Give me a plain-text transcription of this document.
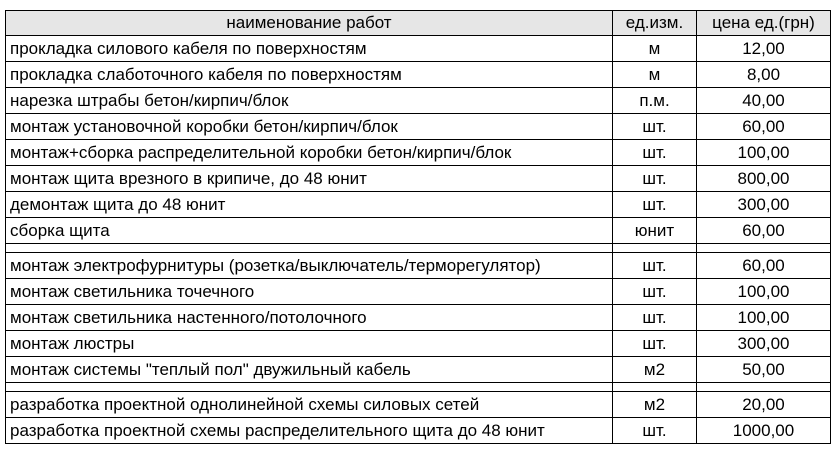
наименование работ	ед.изм.	цена ед.(грн)
прокладка силового кабеля по поверхностям	м	12,00
прокладка слаботочного кабеля по поверхностям	м	8,00
нарезка штрабы бетон/кирпич/блок	п.м.	40,00
монтаж установочной коробки бетон/кирпич/блок	шт.	60,00
монтаж+сборка распределительной коробки бетон/кирпич/блок	шт.	100,00
монтаж щита врезного в крипиче, до 48 юнит	шт.	800,00
демонтаж щита до 48 юнит	шт.	300,00
сборка щита	юнит	60,00

монтаж электрофурнитуры (розетка/выключатель/терморегулятор)	шт.	60,00
монтаж светильника точечного	шт.	100,00
монтаж светильника настенного/потолочного	шт.	100,00
монтаж люстры	шт.	300,00
монтаж системы "теплый пол" двужильный кабель	м2	50,00

разработка проектной однолинейной схемы силовых сетей	м2	20,00
разработка проектной схемы распределительного щита до 48 юнит	шт.	1000,00
